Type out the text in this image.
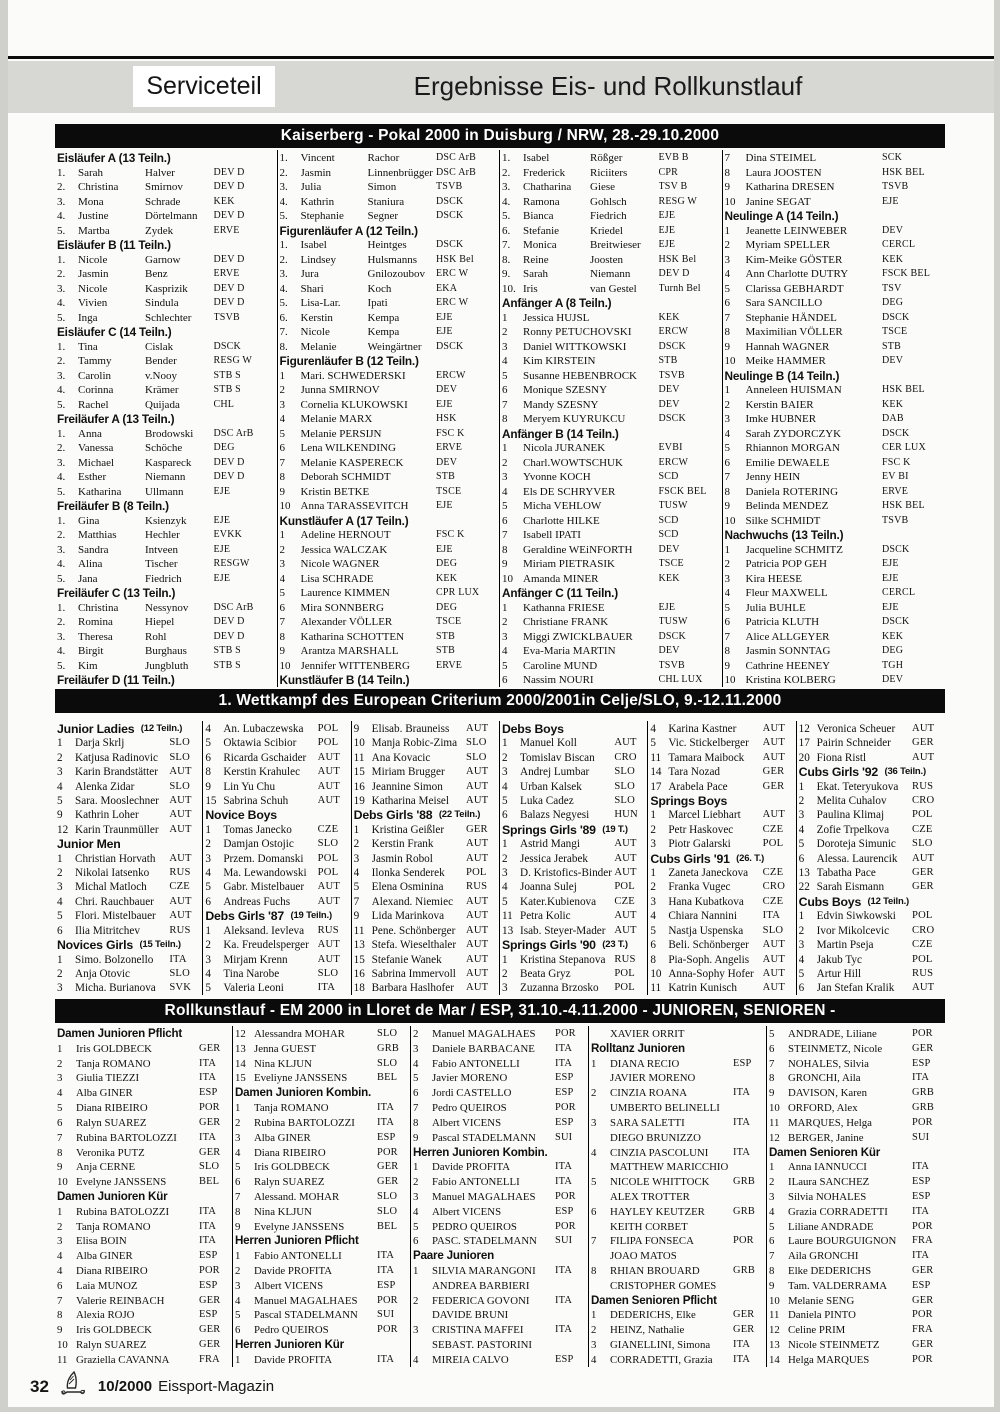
Serviceteil	Ergebnisse Eis- und Rollkunstlauf
Kaiserberg - Pokal 2000 in Duisburg / NRW, 28.-29.10.2000
Eisläufer A (13 Teiln.)
1.	Sarah	Halver	DEV D
2.	Christina	Smirnov	DEV D
3.	Mona	Schrade	KEK
4.	Justine	Dörtelmann	DEV D
5.	Martba	Zydek	ERVE
Eisläufer B (11 Teiln.)
1.	Nicole	Garnow	DEV D
2.	Jasmin	Benz	ERVE
3.	Nicole	Kasprizik	DEV D
4.	Vivien	Sindula	DEV D
5.	Inga	Schlechter	TSVB
Eisläufer C (14 Teiln.)
1.	Tina	Cislak	DSCK
2.	Tammy	Bender	RESG W
3.	Carolin	v.Nooy	STB S
4.	Corinna	Krämer	STB S
5.	Rachel	Quijada	CHL
Freiläufer A (13 Teiln.)
1.	Anna	Brodowski	DSC ArB
2.	Vanessa	Schöche	DEG
3.	Michael	Kaspareck	DEV D
4.	Esther	Niemann	DEV D
5.	Katharina	Ullmann	EJE
Freiläufer B (8 Teiln.)
1.	Gina	Ksienzyk	EJE
2.	Matthias	Hechler	EVKK
3.	Sandra	Intveen	EJE
4.	Alina	Tischer	RESGW
5.	Jana	Fiedrich	EJE
Freiläufer C (13 Teiln.)
1.	Christina	Nessynov	DSC ArB
2.	Romina	Hiepel	DEV D
3.	Theresa	Rohl	DEV D
4.	Birgit	Burghaus	STB S
5.	Kim	Jungbluth	STB S
Freiläufer D (11 Teiln.)
1.	Vincent	Rachor	DSC ArB
2.	Jasmin	Linnenbrügger DSC ArB
3.	Julia	Simon	TSVB
4.	Kathrin	Staniura	DSCK
5.	Stephanie	Segner	DSCK
Figurenläufer A (12 Teiln.)
1.	Isabel	Heintges	DSCK
2.	Lindsey	Hulsmanns	HSK Bel
3.	Jura	Gnilozoubov	ERC W
4.	Shari	Koch	EKA
5.	Lisa-Lar.	Ipati	ERC W
6.	Kerstin	Kempa	EJE
7.	Nicole	Kempa	EJE
8.	Melanie	Weingärtner	DSCK
Figurenläufer B (12 Teiln.)
1	Mari. SCHWEDERSKI	ERCW
2	Junna SMIRNOV	DEV
3	Cornelia KLUKOWSKI	EJE
4	Melanie MARX	HSK
5	Melanie PERSIJN	FSC K
6	Lena WILKENDING	ERVE
7	Melanie KASPERECK	DEV
8	Deborah SCHMIDT	STB
9	Kristin BETKE	TSCE
10 Anna TARASSEVITCH	EJE
Kunstläufer A (17 Teiln.)
1	Adeline HERNOUT	FSC K
2	Jessica WALCZAK	EJE
3	Nicole WAGNER	DEG
4	Lisa SCHRADE	KEK
5	Laurence KIMMEN	CPR LUX
6	Mira SONNBERG	DEG
7	Alexander VÖLLER	TSCE
8	Katharina SCHOTTEN	STB
9	Arantza MARSHALL	STB
10 Jennifer WITTENBERG	ERVE
Kunstläufer B (14 Teiln.)
1.	Isabel	Rößger	EVB B
2.	Frederick	Riciiters	CPR
3.	Chatharina	Giese	TSV B
4.	Ramona	Gohlsch	RESG W
5.	Bianca	Fiedrich	EJE
6.	Stefanie	Kriedel	EJE
7.	Monica	Breitwieser	EJE
8.	Reine	Joosten	HSK Bel
9.	Sarah	Niemann	DEV D
10. Iris	van Gestel	Turnh Bel
Anfänger A (8 Teiln.)
1	Jessica HUJSL	KEK
2	Ronny PETUCHOVSKI	ERCW
3	Daniel WITTKOWSKI	DSCK
4	Kim KIRSTEIN	STB
5	Susanne HEBENBROCK	TSVB
6	Monique SZESNY	DEV
7	Mandy SZESNY	DEV
8	Meryem KUYRUKCU	DSCK
Anfänger B (14 Teiln.)
1	Nicola JURANEK	EVBI
2	Charl.WOWTSCHUK	ERCW
3	Yvonne KOCH	SCD
4	Els DE SCHRYVER	FSCK BEL
5	Micha VEHLOW	TUSW
6	Charlotte HILKE	SCD
7	Isabell IPATI	SCD
8	Geraldine WEiNFORTH	DEV
9	Miriam PIETRASIK	TSCE
10 Amanda MINER	KEK
Anfänger C (11 Teiln.)
1	Kathanna FRIESE	EJE
2	Christiane FRANK	TUSW
3	Miggi ZWICKLBAUER	DSCK
4	Eva-Maria MARTIN	DEV
5	Caroline MUND	TSVB
6	Nassim NOURI	CHL LUX
7	Dina STEIMEL	SCK
8	Laura JOOSTEN	HSK BEL
9	Katharina DRESEN	TSVB
10 Janine SEGAT	EJE
Neulinge A (14 Teiln.)
1	Jeanette LEINWEBER	DEV
2	Myriam SPELLER	CERCL
3	Kim-Meike GÖSTER	KEK
4	Ann Charlotte DUTRY	FSCK BEL
5	Clarissa GEBHARDT	TSV
6	Sara SANCILLO	DEG
7	Stephanie HÄNDEL	DSCK
8	Maximilian VÖLLER	TSCE
9	Hannah WAGNER	STB
10 Meike HAMMER	DEV
Neulinge B (14 Teiln.)
1	Anneleen HUISMAN	HSK BEL
2	Kerstin BAIER	KEK
3	Imke HUBNER	DAB
4	Sarah ZYDORCZYK	DSCK
5	Rhiannon MORGAN	CER LUX
6	Emilie DEWAELE	FSC K
7	Jenny HEIN	EV BI
8	Daniela ROTERING	ERVE
9	Belinda MENDEZ	HSK BEL
10 Silke SCHMIDT	TSVB
Nachwuchs (13 Teiln.)
1	Jacqueline SCHMITZ	DSCK
2	Patricia POP GEH	EJE
3	Kira HEESE	EJE
4	Fleur MAXWELL	CERCL
5	Julia BUHLE	EJE
6	Patricia KLUTH	DSCK
7	Alice ALLGEYER	KEK
8	Jasmin SONNTAG	DEG
9	Cathrine HEENEY	TGH
10 Kristina KOLBERG	DEV
1. Wettkampf des European Criterium 2000/2001in Celje/SLO, 9.-12.11.2000
Junior Ladies (12 Teiln.)
1	Darja Skrlj	SLO
2	Katjusa Radinovic	SLO
3	Karin Brandstätter	AUT
4	Alenka Zidar	SLO
5	Sara. Mooslechner AUT
9	Kathrin Loher	AUT
12 Karin Traunmüller	AUT
Junior Men
1	Christian Horvath	AUT
2	Nikolai Iatsenko	RUS
3	Michal Matloch	CZE
4	Chri. Rauchbauer	AUT
5	Flori. Mistelbauer	AUT
6	Ilia Mitritchev	RUS
Novices Girls (15 Teiln.)
1	Simo. Bolzonello	ITA
2	Anja Otovic	SLO
3	Micha. Burianova	SVK
4	An. Lubaczewska	POL
5	Oktawia Scibior	POL
6	Ricarda Gschaider	AUT
8	Kerstin Krahulec	AUT
9	Lin Yu Chu	AUT
15 Sabrina Schuh	AUT
Novice Boys
1	Tomas Janecko	CZE
2	Damjan Ostojic	SLO
3	Przem. Domanski	POL
4	Ma. Lewandowski	POL
5	Gabr. Mistelbauer	AUT
6	Andreas Fuchs	AUT
Debs Girls '87 (19 Teiln.)
1	Aleksand. Ievleva	RUS
2	Ka. Freudelsperger AUT
3	Mirjam Krenn	AUT
4	Tina Narobe	SLO
5	Valeria Leoni	ITA
9	Elisab. Brauneiss	AUT
10 Manja Robic-Zima SLO
11 Ana Kovacic	SLO
15 Miriam Brugger	AUT
16 Jeannine Simon	AUT
19 Katharina Meisel	AUT
Debs Girls '88 (22 Teiln.)
1	Kristina Geißler	GER
2	Kerstin Frank	AUT
3	Jasmin Robol	AUT
4	Ilonka Senderek	POL
5	Elena Osminina	RUS
7	Alexand. Niemiec	AUT
9	Lida Marinkova	AUT
11 Pene. Schönberger	AUT
13 Stefa. Wieselthaler AUT
15 Stefanie Wanek	AUT
16 Sabrina Immervoll AUT
18 Barbara Haslhofer	AUT
Debs Boys
1	Manuel Koll	AUT
2	Tomislav Biscan	CRO
3	Andrej Lumbar	SLO
4	Urban Kalsek	SLO
5	Luka Cadez	SLO
6	Balazs Negyesi	HUN
Springs Girls '89 (19 T.)
1	Astrid Mangi	AUT
2	Jessica Jerabek	AUT
3	D. Kristofics-Binder AUT
4	Joanna Sulej	POL
5	Kater.Kubienova	CZE
11 Petra Kolic	AUT
13 Isab. Steyer-Mader AUT
Springs Girls '90 (23 T.)
1	Kristina Stepanova RUS
2	Beata Gryz	POL
3	Zuzanna Brzosko	POL
4	Karina Kastner	AUT
5	Vic. Stickelberger	AUT
11 Tamara Maibock	AUT
14 Tara Nozad	GER
17 Arabela Pace	GER
Springs Boys
1	Marcel Liebhart	AUT
2	Petr Haskovec	CZE
3	Piotr Galarski	POL
Cubs Girls '91 (26. T.)
1	Zaneta Janeckova	CZE
2	Franka Vugec	CRO
3	Hana Kubatkova	CZE
4	Chiara Nannini	ITA
5	Nastja Uspenska	SLO
6	Beli. Schönberger	AUT
8	Pia-Soph. Angelis	AUT
10 Anna-Sophy Hofer AUT
11 Katrin Kunisch	AUT
12 Veronica Scheuer	AUT
17 Pairin Schneider	GER
20 Fiona Ristl	AUT
Cubs Girls '92 (36 Teiln.)
1	Ekat. Teteryukova	RUS
2	Melita Cuhalov	CRO
3	Paulina Klimaj	POL
4	Zofie Trpelkova	CZE
5	Doroteja Simunic	SLO
6	Alessa. Laurencik	AUT
13 Tabatha Pace	GER
22 Sarah Eismann	GER
Cubs Boys (12 Teiln.)
1	Edvin Siwkowski	POL
2	Ivor Mikolcevic	CRO
3	Martin Pseja	CZE
4	Jakub Tyc	POL
5	Artur Hill	RUS
6	Jan Stefan Kralik	AUT
Rollkunstlauf - EM 2000 in Lloret de Mar / ESP, 31.10.-4.11.2000 - JUNIOREN, SENIOREN -
Damen Junioren Pflicht
1	Iris GOLDBECK	GER
2	Tanja ROMANO	ITA
3	Giulia TIEZZI	ITA
4	Alba GINER	ESP
5	Diana RIBEIRO	POR
6	Ralyn SUAREZ	GER
7	Rubina BARTOLOZZI	ITA
8	Veronika PUTZ	GER
9	Anja CERNE	SLO
10 Evelyne JANSSENS	BEL
Damen Junioren Kür
1	Rubina BATOLOZZI	ITA
2	Tanja ROMANO	ITA
3	Elisa BOIN	ITA
4	Alba GINER	ESP
4	Diana RIBEIRO	POR
6	Laia MUNOZ	ESP
7	Valerie REINBACH	GER
8	Alexia ROJO	ESP
9	Iris GOLDBECK	GER
10 Ralyn SUAREZ	GER
11 Graziella CAVANNA	FRA
12 Alessandra MOHAR	SLO
13 Jenna GUEST	GRB
14 Nina KLJUN	SLO
15 Eveliyne JANSSENS	BEL
Damen Junioren Kombin.
1	Tanja ROMANO	ITA
2	Rubina BARTOLOZZI	ITA
3	Alba GINER	ESP
4	Diana RIBEIRO	POR
5	Iris GOLDBECK	GER
6	Ralyn SUAREZ	GER
7	Alessand. MOHAR	SLO
8	Nina KLJUN	SLO
9	Evelyne JANSSENS	BEL
Herren Junioren Pflicht
1	Fabio ANTONELLI	ITA
2	Davide PROFITA	ITA
3	Albert VICENS	ESP
4	Manuel MAGALHAES	POR
5	Pascal STADELMANN	SUI
6	Pedro QUEIROS	POR
Herren Junioren Kür
1	Davide PROFITA	ITA
2	Manuel MAGALHAES	POR
3	Daniele BARBACANE	ITA
4	Fabio ANTONELLI	ITA
5	Javier MORENO	ESP
6	Jordi CASTELLO	ESP
7	Pedro QUEIROS	POR
8	Albert VICENS	ESP
9	Pascal STADELMANN	SUI
Herren Junioren Kombin.
1	Davide PROFITA	ITA
2	Fabio ANTONELLI	ITA
3	Manuel MAGALHAES	POR
4	Albert VICENS	ESP
5	PEDRO QUEIROS	POR
6	PASC. STADELMANN	SUI
Paare Junioren
1	SILVIA MARANGONI	ITA
ANDREA BARBIERI
2	FEDERICA GOVONI	ITA
DAVIDE BRUNI
3	CRISTINA MAFFEI	ITA
SEBAST. PASTORINI
4	MIREIA CALVO	ESP
XAVIER ORRIT
Rolltanz Junioren
1	DIANA RECIO	ESP
JAVIER MORENO
2	CINZIA ROANA	ITA
UMBERTO BELINELLI
3	SARA SALETTI	ITA
DIEGO BRUNIZZO
4	CINZIA PASCOLUNI	ITA
MATTHEW MARICCHIO
5	NICOLE WHITTOCK	GRB
ALEX TROTTER
6	HAYLEY KEUTZER	GRB
KEITH CORBET
7	FILIPA FONSECA	POR
JOAO MATOS
8	RHIAN BROUARD	GRB
CRISTOPHER GOMES
Damen Senioren Pflicht
1	DEDERICHS, Elke	GER
2	HEINZ, Nathalie	GER
3	GIANELLINI, Simona	ITA
4	CORRADETTI, Grazia	ITA
5	ANDRADE, Liliane	POR
6	STEINMETZ, Nicole	GER
7	NOHALES, Silvia	ESP
8	GRONCHI, Aila	ITA
9	DAVISON, Karen	GRB
10 ORFORD, Alex	GRB
11 MARQUES, Helga	POR
12 BERGER, Janine	SUI
Damen Senioren Kür
1	Anna IANNUCCI	ITA
2	ILaura SANCHEZ	ESP
3	Silvia NOHALES	ESP
4	Grazia CORRADETTI	ITA
5	Liliane ANDRADE	POR
6	Laure BOURGUIGNON	FRA
7	Aila GRONCHI	ITA
8	Elke DEDERICHS	GER
9	Tam. VALDERRAMA	ESP
10 Melanie SENG	GER
11 Daniela PINTO	POR
12 Celine PRIM	FRA
13 Nicole STEINMETZ	GER
14 Helga MARQUES	POR
32	10/2000 Eissport-Magazin
